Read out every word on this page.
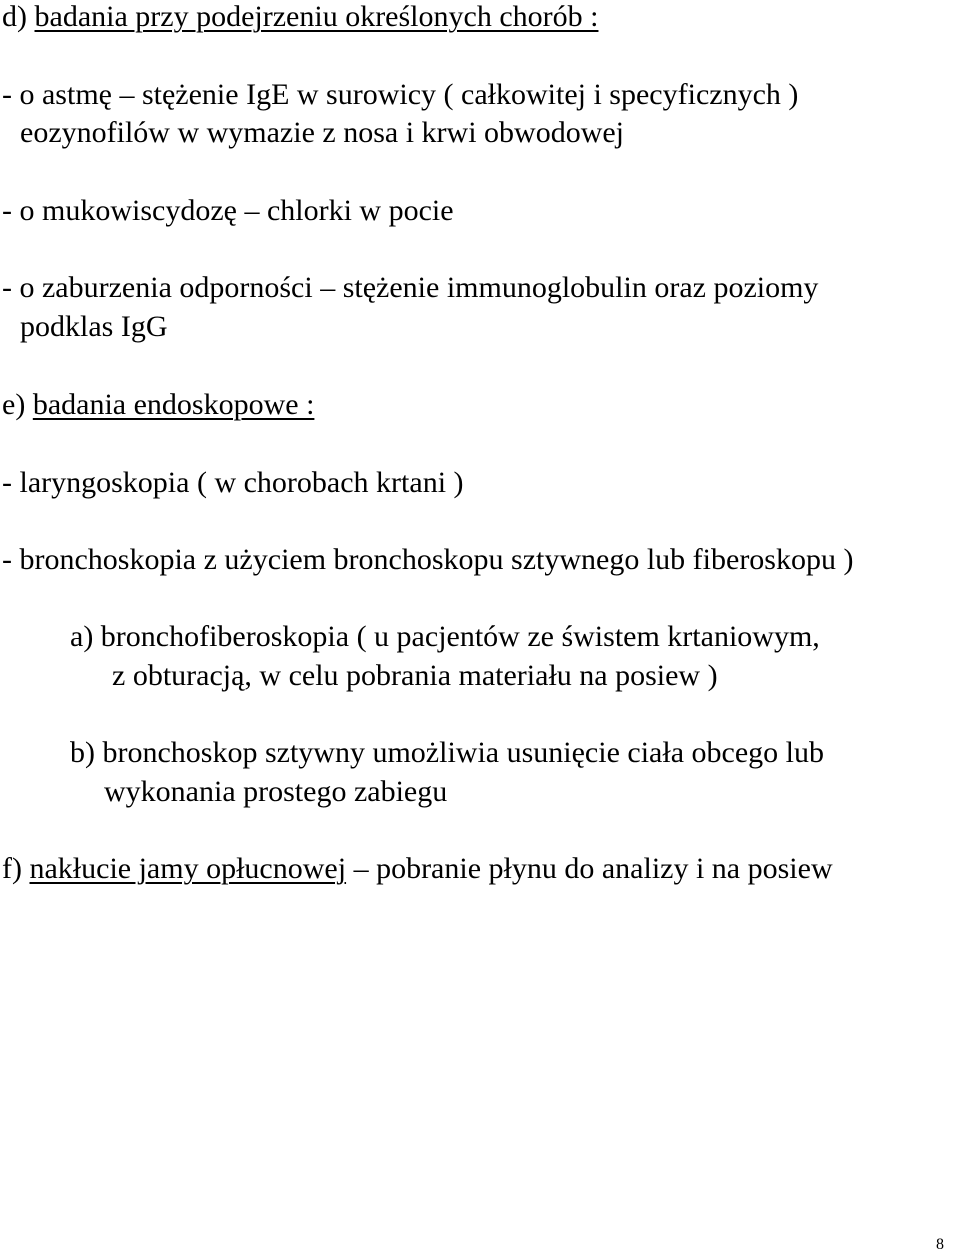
d) badania przy podejrzeniu określonych chorób :
- o astmę – stężenie IgE w surowicy ( całkowitej i specyficznych )
eozynofilów w wymazie z nosa i krwi obwodowej
- o mukowiscydozę – chlorki w pocie
- o zaburzenia odporności – stężenie immunoglobulin oraz poziomy
podklas IgG
e) badania endoskopowe :
- laryngoskopia ( w chorobach krtani )
- bronchoskopia z użyciem bronchoskopu sztywnego lub fiberoskopu )
a) bronchofiberoskopia ( u pacjentów ze świstem krtaniowym,
z obturacją, w celu pobrania materiału na posiew )
b) bronchoskop sztywny umożliwia usunięcie ciała obcego lub
wykonania prostego zabiegu
f) nakłucie jamy opłucnowej – pobranie płynu do analizy i na posiew
8
